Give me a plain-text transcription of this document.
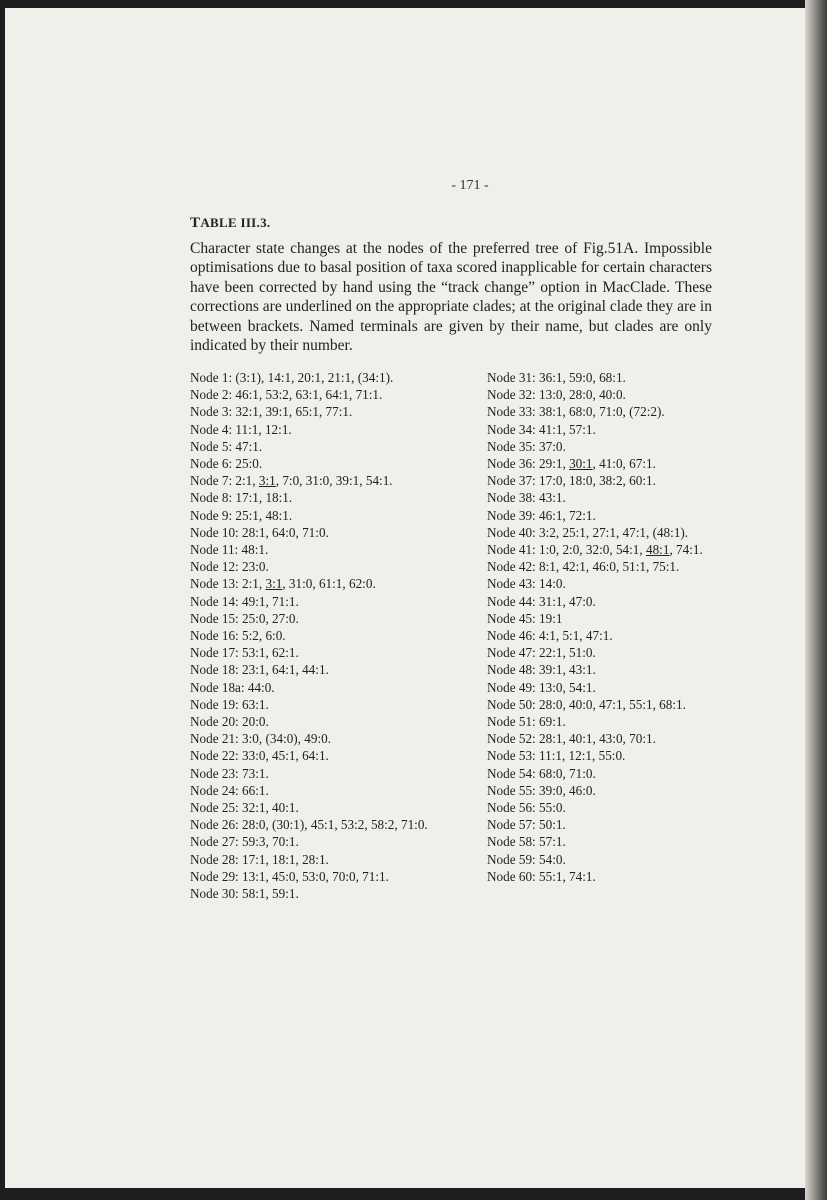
- 171 -
TABLE III.3.
Character state changes at the nodes of the preferred tree of Fig.51A. Impossible optimisations due to basal position of taxa scored inapplicable for certain characters have been corrected by hand using the “track change” option in MacClade. These corrections are underlined on the appropriate clades; at the original clade they are in between brackets. Named terminals are given by their name, but clades are only indicated by their number.
Node 1: (3:1), 14:1, 20:1, 21:1, (34:1).
Node 2: 46:1, 53:2, 63:1, 64:1, 71:1.
Node 3: 32:1, 39:1, 65:1, 77:1.
Node 4: 11:1, 12:1.
Node 5: 47:1.
Node 6: 25:0.
Node 7: 2:1, 3:1, 7:0, 31:0, 39:1, 54:1.
Node 8: 17:1, 18:1.
Node 9: 25:1, 48:1.
Node 10: 28:1, 64:0, 71:0.
Node 11: 48:1.
Node 12: 23:0.
Node 13: 2:1, 3:1, 31:0, 61:1, 62:0.
Node 14: 49:1, 71:1.
Node 15: 25:0, 27:0.
Node 16: 5:2, 6:0.
Node 17: 53:1, 62:1.
Node 18: 23:1, 64:1, 44:1.
Node 18a: 44:0.
Node 19: 63:1.
Node 20: 20:0.
Node 21: 3:0, (34:0), 49:0.
Node 22: 33:0, 45:1, 64:1.
Node 23: 73:1.
Node 24: 66:1.
Node 25: 32:1, 40:1.
Node 26: 28:0, (30:1), 45:1, 53:2, 58:2, 71:0.
Node 27: 59:3, 70:1.
Node 28: 17:1, 18:1, 28:1.
Node 29: 13:1, 45:0, 53:0, 70:0, 71:1.
Node 30: 58:1, 59:1.
Node 31: 36:1, 59:0, 68:1.
Node 32: 13:0, 28:0, 40:0.
Node 33: 38:1, 68:0, 71:0, (72:2).
Node 34: 41:1, 57:1.
Node 35: 37:0.
Node 36: 29:1, 30:1, 41:0, 67:1.
Node 37: 17:0, 18:0, 38:2, 60:1.
Node 38: 43:1.
Node 39: 46:1, 72:1.
Node 40: 3:2, 25:1, 27:1, 47:1, (48:1).
Node 41: 1:0, 2:0, 32:0, 54:1, 48:1, 74:1.
Node 42: 8:1, 42:1, 46:0, 51:1, 75:1.
Node 43: 14:0.
Node 44: 31:1, 47:0.
Node 45: 19:1
Node 46: 4:1, 5:1, 47:1.
Node 47: 22:1, 51:0.
Node 48: 39:1, 43:1.
Node 49: 13:0, 54:1.
Node 50: 28:0, 40:0, 47:1, 55:1, 68:1.
Node 51: 69:1.
Node 52: 28:1, 40:1, 43:0, 70:1.
Node 53: 11:1, 12:1, 55:0.
Node 54: 68:0, 71:0.
Node 55: 39:0, 46:0.
Node 56: 55:0.
Node 57: 50:1.
Node 58: 57:1.
Node 59: 54:0.
Node 60: 55:1, 74:1.
